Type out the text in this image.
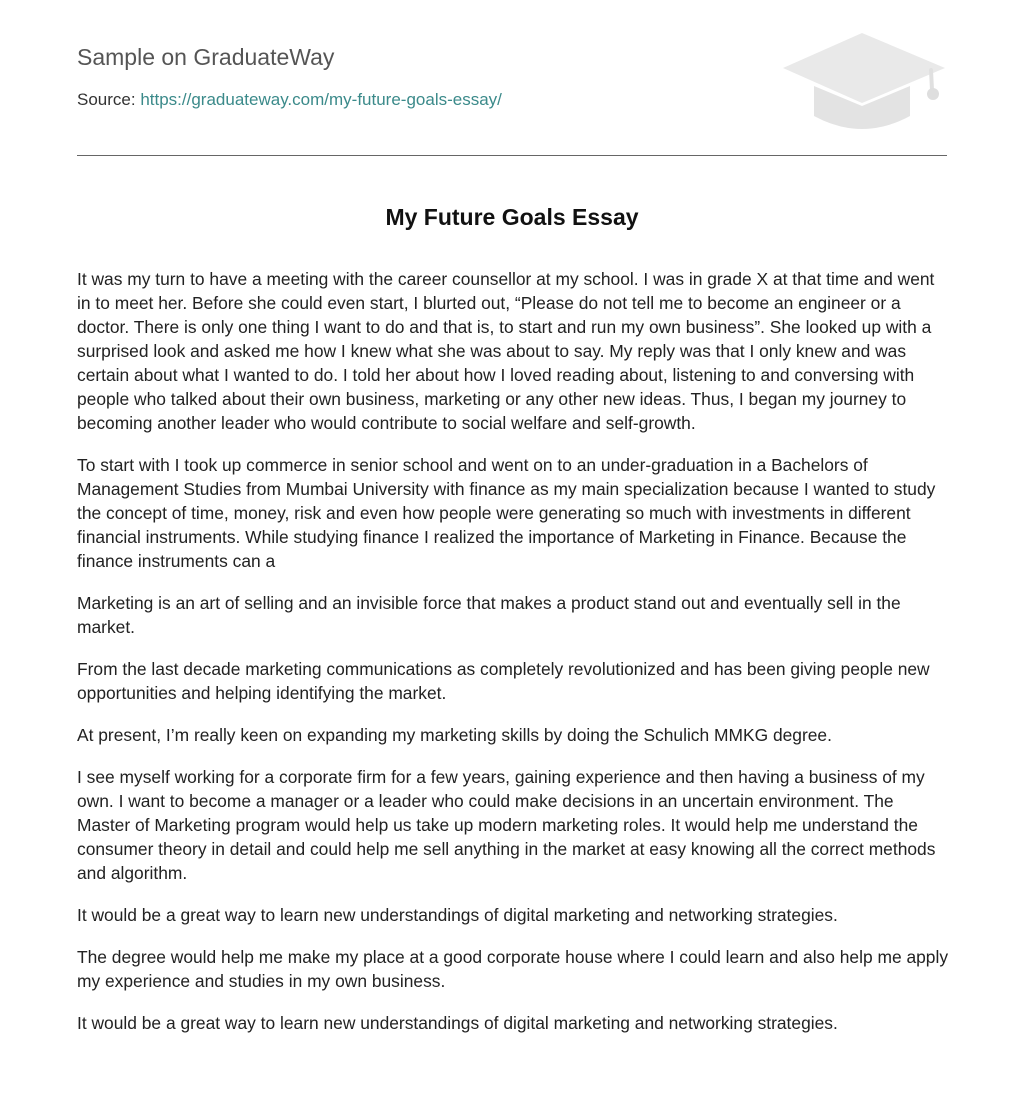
Sample on GraduateWay
Source: https://graduateway.com/my-future-goals-essay/
My Future Goals Essay

It was my turn to have a meeting with the career counsellor at my school. I was in grade X at that time and went in to meet her. Before she could even start, I blurted out, “Please do not tell me to become an engineer or a doctor. There is only one thing I want to do and that is, to start and run my own business”. She looked up with a surprised look and asked me how I knew what she was about to say. My reply was that I only knew and was certain about what I wanted to do. I told her about how I loved reading about, listening to and conversing with people who talked about their own business, marketing or any other new ideas. Thus, I began my journey to becoming another leader who would contribute to social welfare and self-growth.

To start with I took up commerce in senior school and went on to an under-graduation in a Bachelors of Management Studies from Mumbai University with finance as my main specialization because I wanted to study the concept of time, money, risk and even how people were generating so much with investments in different financial instruments. While studying finance I realized the importance of Marketing in Finance. Because the finance instruments can a

Marketing is an art of selling and an invisible force that makes a product stand out and eventually sell in the market.

From the last decade marketing communications as completely revolutionized and has been giving people new opportunities and helping identifying the market.

At present, I’m really keen on expanding my marketing skills by doing the Schulich MMKG degree.

I see myself working for a corporate firm for a few years, gaining experience and then having a business of my own. I want to become a manager or a leader who could make decisions in an uncertain environment. The Master of Marketing program would help us take up modern marketing roles. It would help me understand the consumer theory in detail and could help me sell anything in the market at easy knowing all the correct methods and algorithm.

It would be a great way to learn new understandings of digital marketing and networking strategies.

The degree would help me make my place at a good corporate house where I could learn and also help me apply my experience and studies in my own business.

It would be a great way to learn new understandings of digital marketing and networking strategies.
